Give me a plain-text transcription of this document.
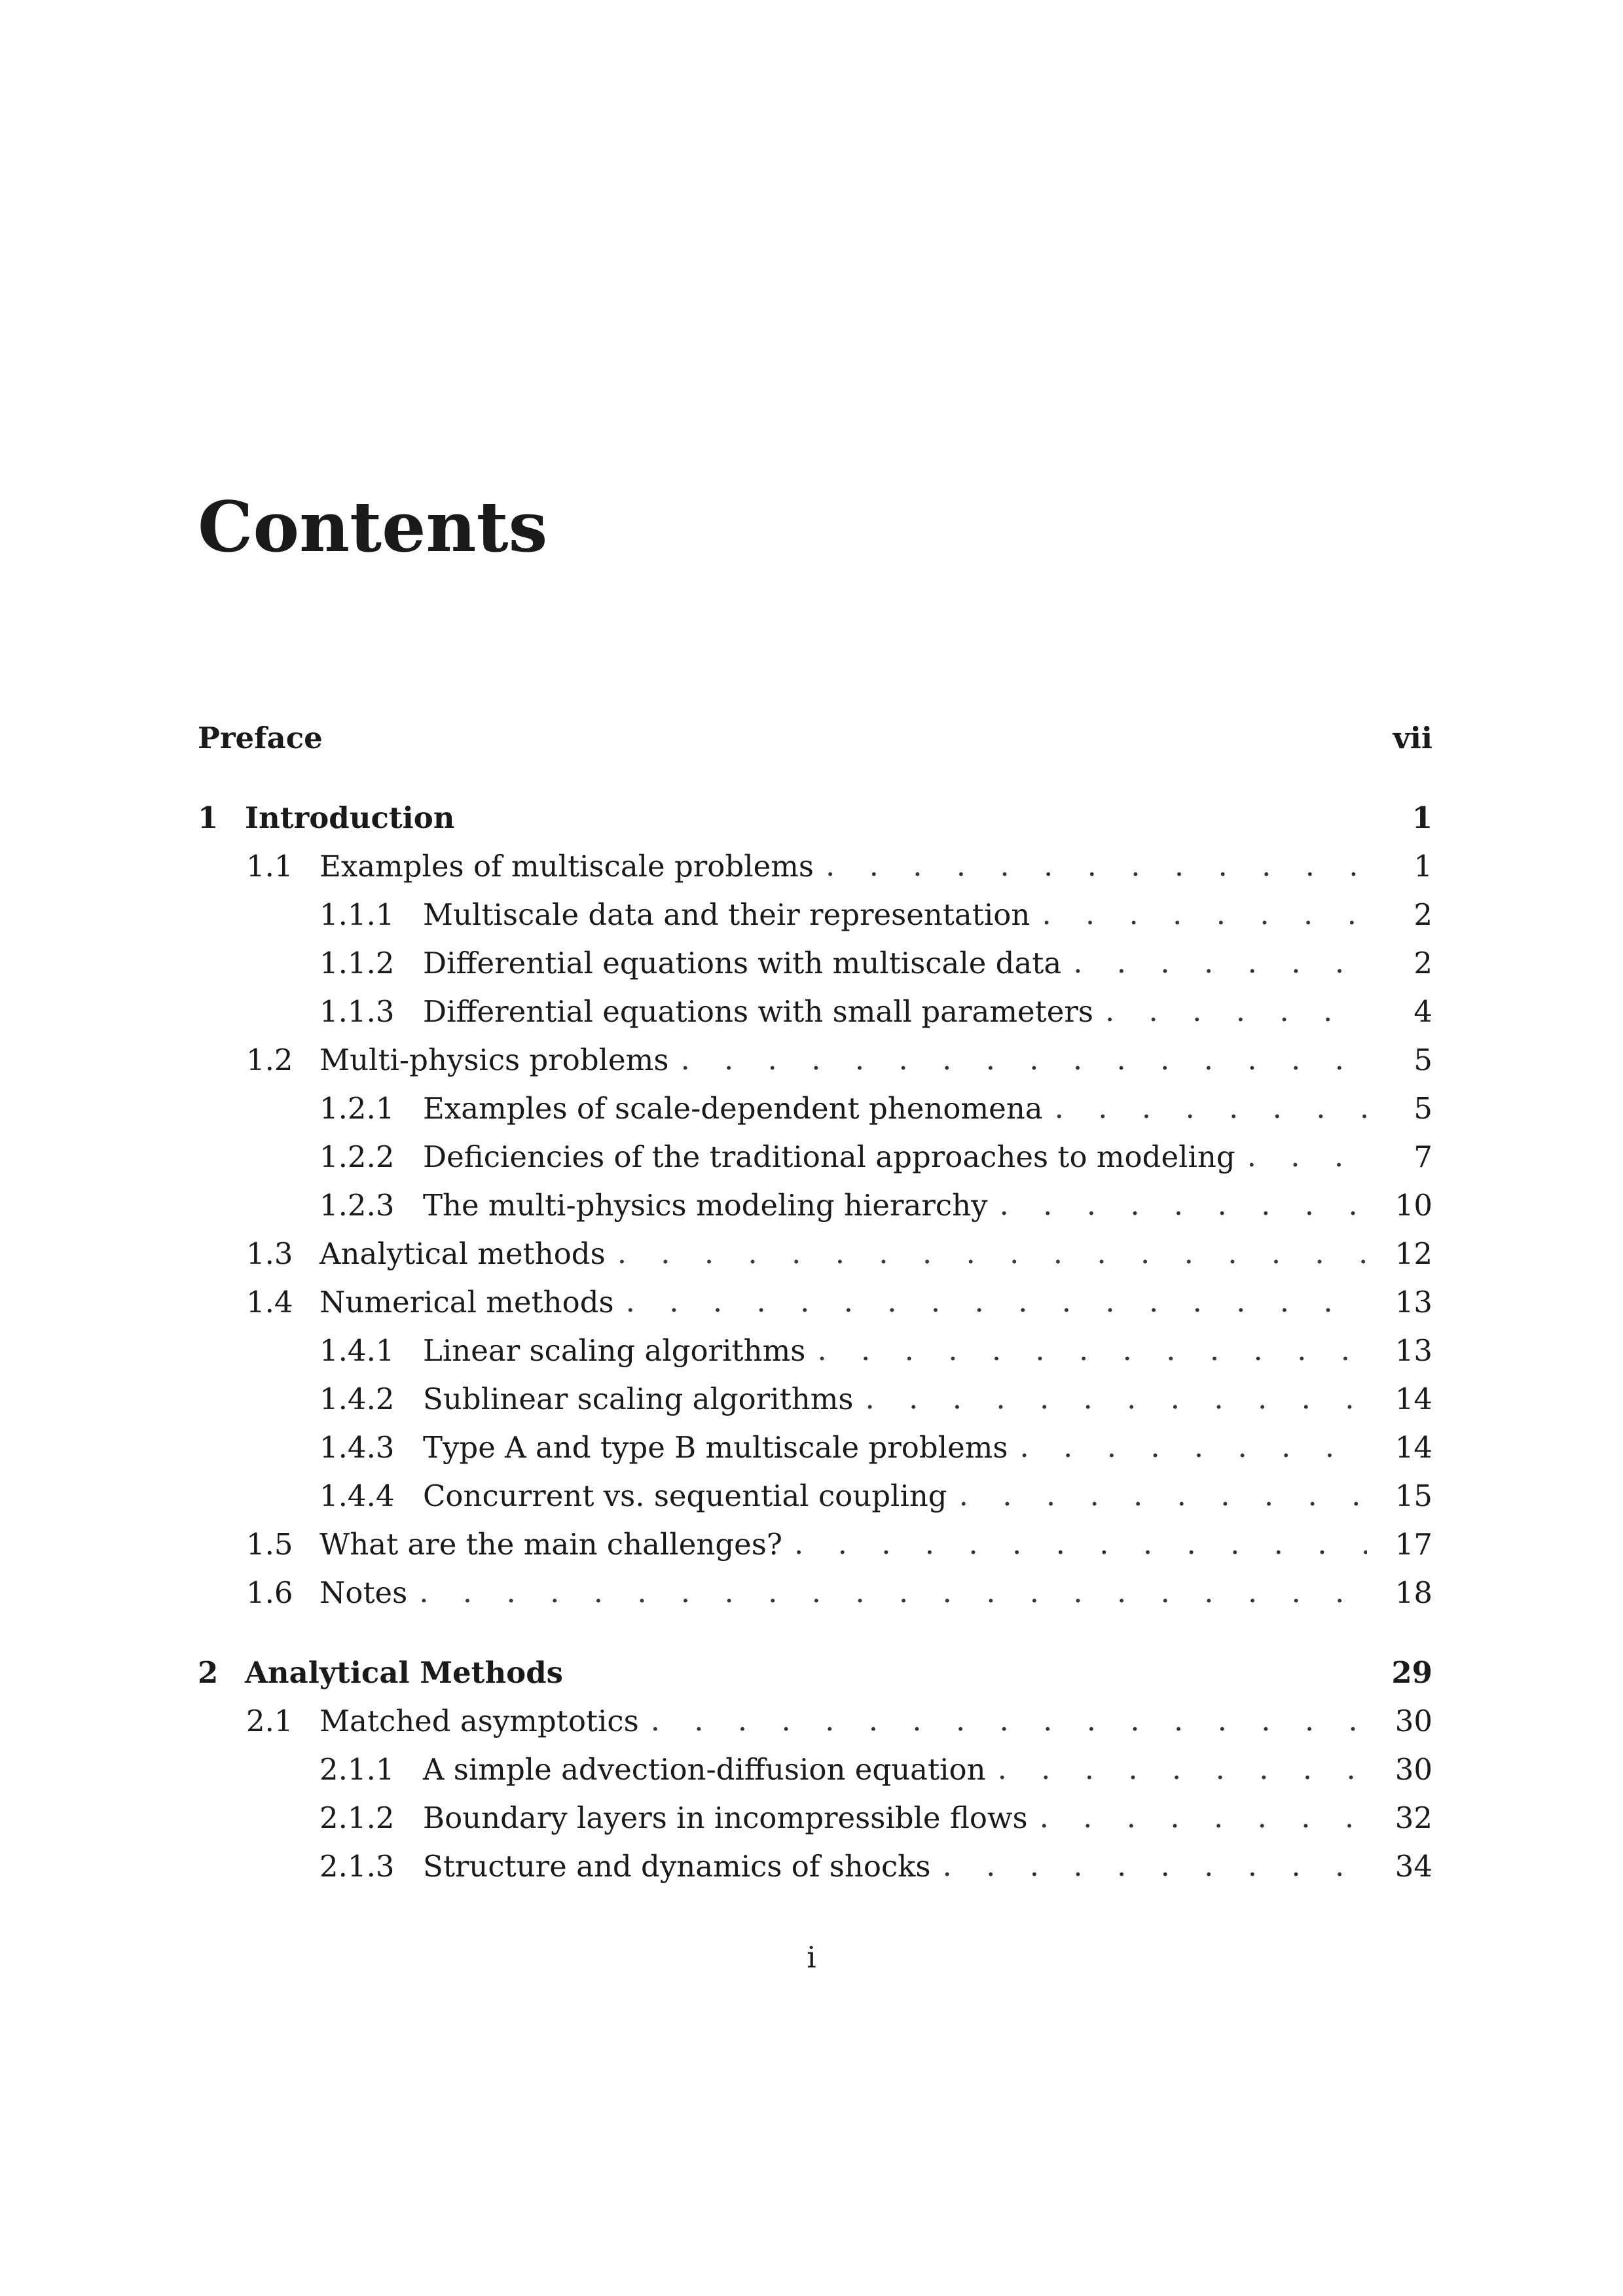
Contents
Preface	vii
1 Introduction	1
1.1 Examples of multiscale problems . . .	1
1.1.1 Multiscale data and their representation . . .	2
1.1.2 Differential equations with multiscale data . . .	2
1.1.3 Differential equations with small parameters . . .	4
1.2 Multi-physics problems . . .	5
1.2.1 Examples of scale-dependent phenomena . . .	5
1.2.2 Deficiencies of the traditional approaches to modeling . . .	7
1.2.3 The multi-physics modeling hierarchy . . .	10
1.3 Analytical methods . . .	12
1.4 Numerical methods . . .	13
1.4.1 Linear scaling algorithms . . .	13
1.4.2 Sublinear scaling algorithms . . .	14
1.4.3 Type A and type B multiscale problems . . .	14
1.4.4 Concurrent vs. sequential coupling . . .	15
1.5 What are the main challenges? . . .	17
1.6 Notes . . .	18
2 Analytical Methods	29
2.1 Matched asymptotics . . .	30
2.1.1 A simple advection-diffusion equation . . .	30
2.1.2 Boundary layers in incompressible flows . . .	32
2.1.3 Structure and dynamics of shocks . . .	34
i
